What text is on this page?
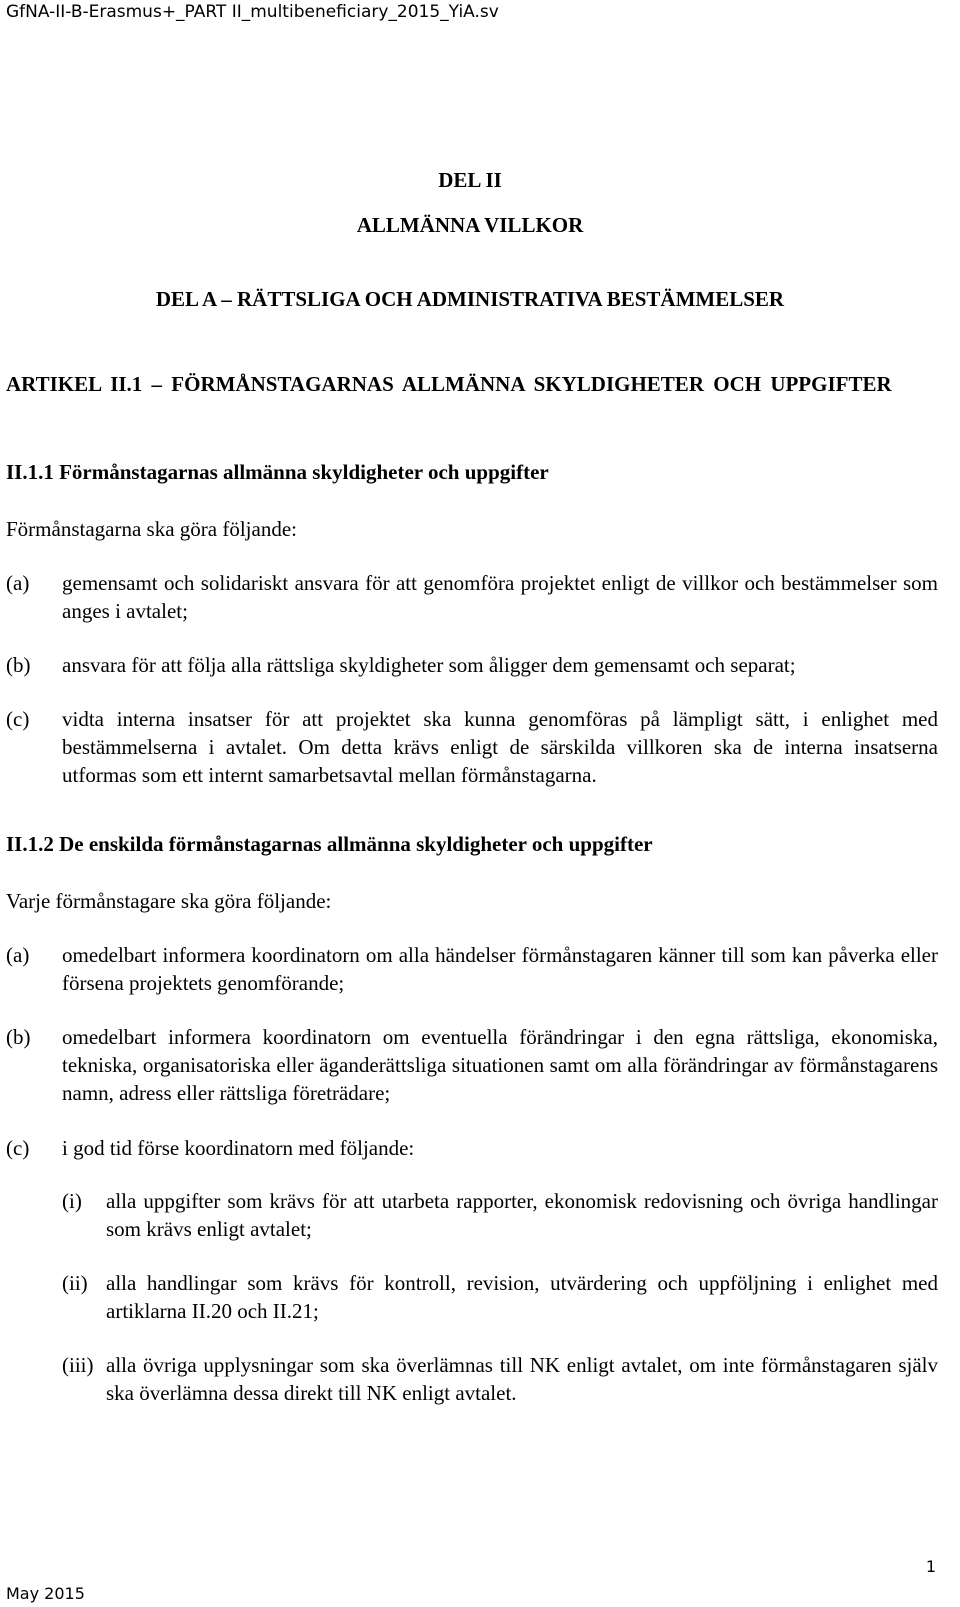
GfNA-II-B-Erasmus+_PART II_multibeneficiary_2015_YiA.sv
DEL II
ALLMÄNNA VILLKOR
DEL A – RÄTTSLIGA OCH ADMINISTRATIVA BESTÄMMELSER
ARTIKEL II.1 – FÖRMÅNSTAGARNAS ALLMÄNNA SKYLDIGHETER OCH UPPGIFTER
II.1.1 Förmånstagarnas allmänna skyldigheter och uppgifter
Förmånstagarna ska göra följande:
(a) gemensamt och solidariskt ansvara för att genomföra projektet enligt de villkor och bestämmelser som anges i avtalet;
(b) ansvara för att följa alla rättsliga skyldigheter som åligger dem gemensamt och separat;
(c) vidta interna insatser för att projektet ska kunna genomföras på lämpligt sätt, i enlighet med bestämmelserna i avtalet. Om detta krävs enligt de särskilda villkoren ska de interna insatserna utformas som ett internt samarbetsavtal mellan förmånstagarna.
II.1.2 De enskilda förmånstagarnas allmänna skyldigheter och uppgifter
Varje förmånstagare ska göra följande:
(a) omedelbart informera koordinatorn om alla händelser förmånstagaren känner till som kan påverka eller försena projektets genomförande;
(b) omedelbart informera koordinatorn om eventuella förändringar i den egna rättsliga, ekonomiska, tekniska, organisatoriska eller äganderättsliga situationen samt om alla förändringar av förmånstagarens namn, adress eller rättsliga företrädare;
(c) i god tid förse koordinatorn med följande:
(i) alla uppgifter som krävs för att utarbeta rapporter, ekonomisk redovisning och övriga handlingar som krävs enligt avtalet;
(ii) alla handlingar som krävs för kontroll, revision, utvärdering och uppföljning i enlighet med artiklarna II.20 och II.21;
(iii) alla övriga upplysningar som ska överlämnas till NK enligt avtalet, om inte förmånstagaren själv ska överlämna dessa direkt till NK enligt avtalet.
1
May 2015
